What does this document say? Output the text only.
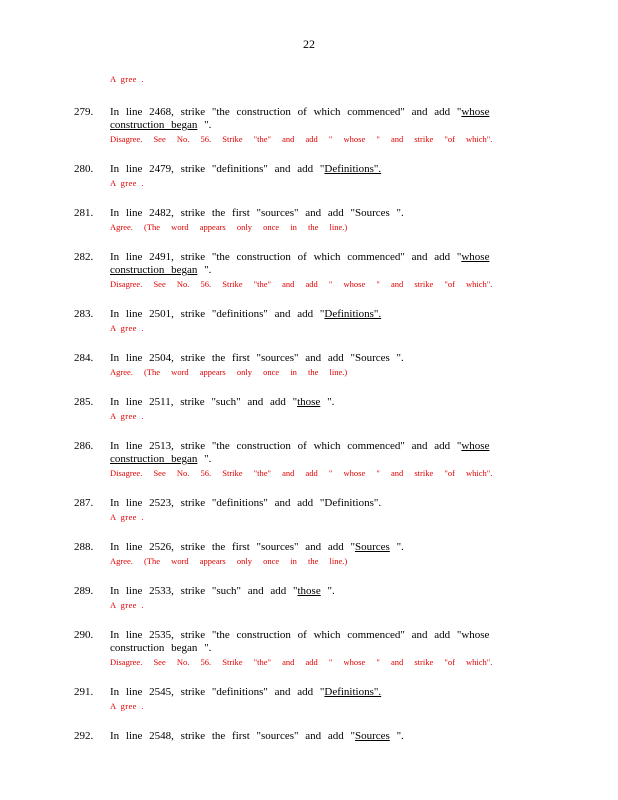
22
A gree .
279. In line 2468, strike "the construction of which commenced" and add "whose construction began ".
Disagree. See No. 56. Strike "the" and add " whose " and strike "of which".
280. In line 2479, strike "definitions" and add "Definitions".
A gree .
281. In line 2482, strike the first "sources" and add "Sources ".
Agree. (The word appears only once in the line.)
282. In line 2491, strike "the construction of which commenced" and add "whose construction began ".
Disagree. See No. 56. Strike "the" and add " whose " and strike "of which".
283. In line 2501, strike "definitions" and add "Definitions".
A gree .
284. In line 2504, strike the first "sources" and add "Sources ".
Agree. (The word appears only once in the line.)
285. In line 2511, strike "such" and add "those ".
A gree .
286. In line 2513, strike "the construction of which commenced" and add "whose construction began ".
Disagree. See No. 56. Strike "the" and add " whose " and strike "of which".
287. In line 2523, strike "definitions" and add "Definitions".
A gree .
288. In line 2526, strike the first "sources" and add "Sources ".
Agree. (The word appears only once in the line.)
289. In line 2533, strike "such" and add "those ".
A gree .
290. In line 2535, strike "the construction of which commenced" and add "whose construction began ".
Disagree. See No. 56. Strike "the" and add " whose " and strike "of which".
291. In line 2545, strike "definitions" and add "Definitions".
A gree .
292. In line 2548, strike the first "sources" and add "Sources ".
